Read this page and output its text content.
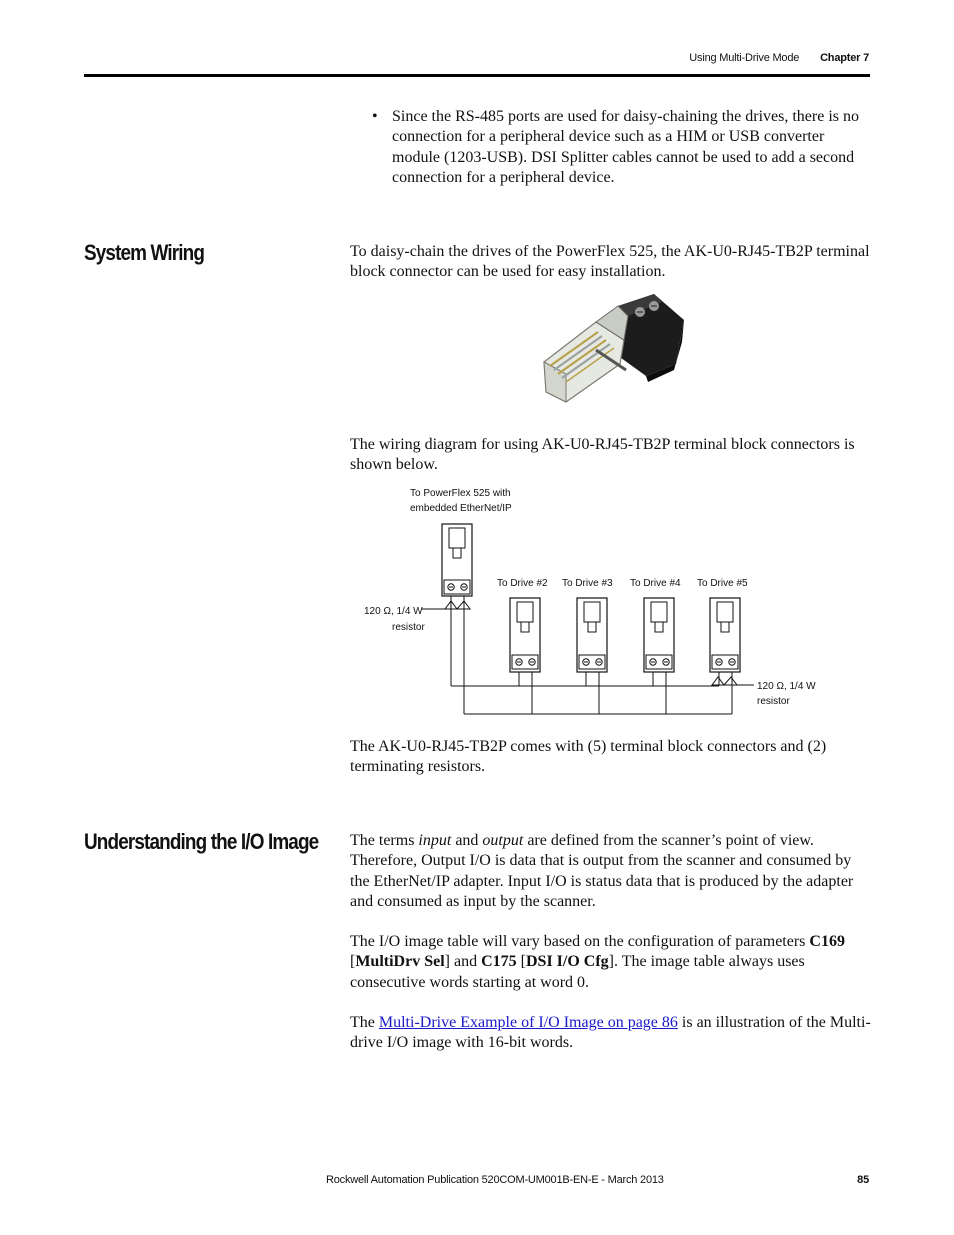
Using Multi-Drive Mode Chapter 7
• Since the RS-485 ports are used for daisy-chaining the drives, there is no connection for a peripheral device such as a HIM or USB converter module (1203-USB). DSI Splitter cables cannot be used to add a second connection for a peripheral device.

System Wiring	To daisy-chain the drives of the PowerFlex 525, the AK-U0-RJ45-TB2P terminal block connector can be used for easy installation.

The wiring diagram for using AK-U0-RJ45-TB2P terminal block connectors is shown below.

To PowerFlex 525 with
embedded EtherNet/IP
120 Ω, 1/4 W
resistor
To Drive #2 To Drive #3 To Drive #4 To Drive #5
120 Ω, 1/4 W
resistor

The AK-U0-RJ45-TB2P comes with (5) terminal block connectors and (2) terminating resistors.

Understanding the I/O Image The terms input and output are defined from the scanner’s point of view. Therefore, Output I/O is data that is output from the scanner and consumed by the EtherNet/IP adapter. Input I/O is status data that is produced by the adapter and consumed as input by the scanner.

The I/O image table will vary based on the configuration of parameters C169 [MultiDrv Sel] and C175 [DSI I/O Cfg]. The image table always uses consecutive words starting at word 0.

The Multi-Drive Example of I/O Image on page 86 is an illustration of the Multi-drive I/O image with 16-bit words.

Rockwell Automation Publication 520COM-UM001B-EN-E - March 2013	85
